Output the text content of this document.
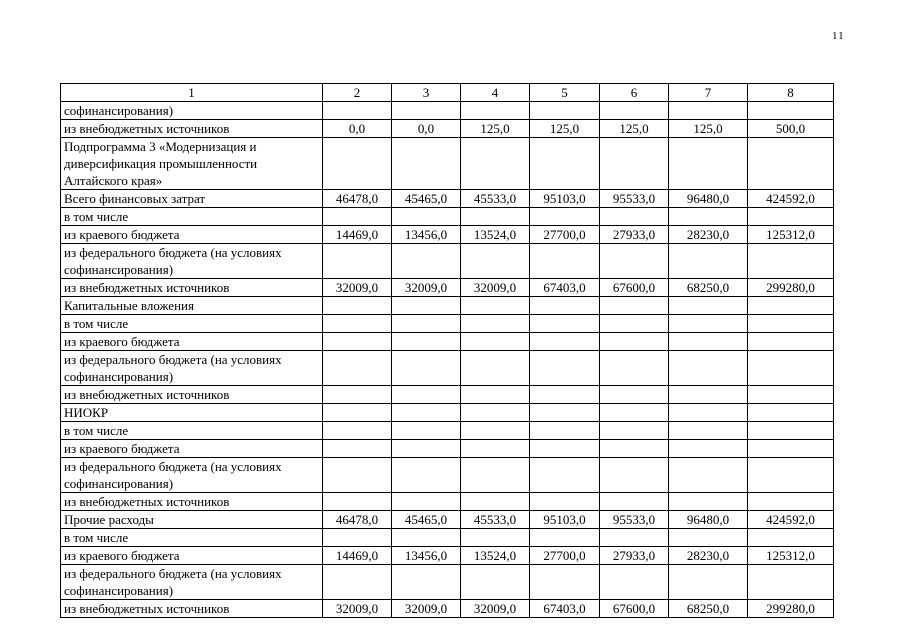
11
1	2	3	4	5	6	7	8
софинансирования)							
из внебюджетных источников	0,0	0,0	125,0	125,0	125,0	125,0	500,0
Подпрограмма 3 «Модернизация и диверсификация промышленности Алтайского края»							
Всего финансовых затрат	46478,0	45465,0	45533,0	95103,0	95533,0	96480,0	424592,0
в том числе							
из краевого бюджета	14469,0	13456,0	13524,0	27700,0	27933,0	28230,0	125312,0
из федерального бюджета (на условиях софинансирования)							
из внебюджетных источников	32009,0	32009,0	32009,0	67403,0	67600,0	68250,0	299280,0
Капитальные вложения							
в том числе							
из краевого бюджета							
из федерального бюджета (на условиях софинансирования)							
из внебюджетных источников							
НИОКР							
в том числе							
из краевого бюджета							
из федерального бюджета (на условиях софинансирования)							
из внебюджетных источников							
Прочие расходы	46478,0	45465,0	45533,0	95103,0	95533,0	96480,0	424592,0
в том числе							
из краевого бюджета	14469,0	13456,0	13524,0	27700,0	27933,0	28230,0	125312,0
из федерального бюджета (на условиях софинансирования)							
из внебюджетных источников	32009,0	32009,0	32009,0	67403,0	67600,0	68250,0	299280,0
